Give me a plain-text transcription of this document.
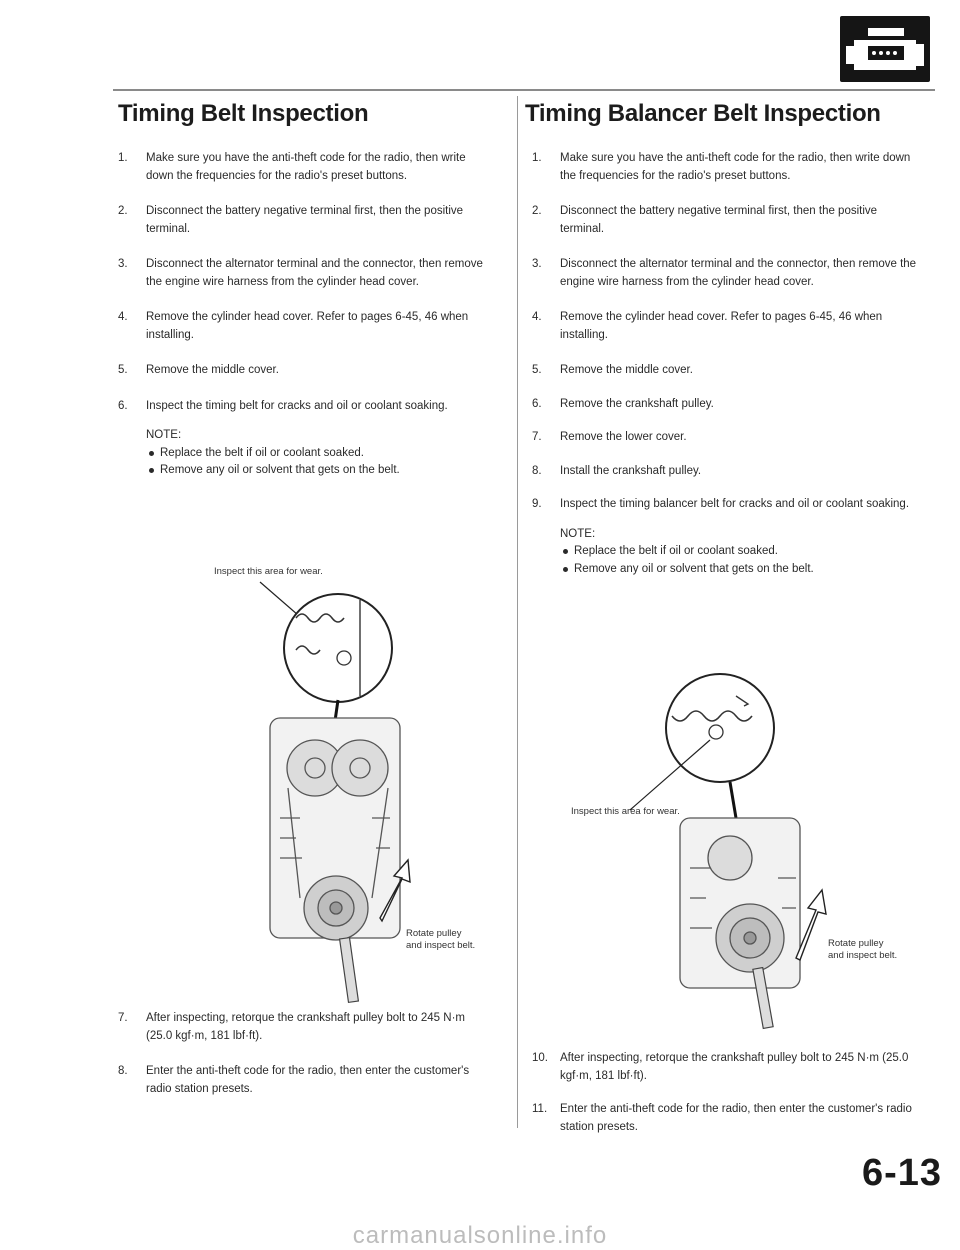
Timing Belt Inspection	Timing Balancer Belt Inspection
1.	Make sure you have the anti-theft code for the radio, then write down the frequencies for the radio's preset buttons.
2.	Disconnect the battery negative terminal first, then the positive terminal.
3.	Disconnect the alternator terminal and the connector, then remove the engine wire harness from the cylinder head cover.
4.	Remove the cylinder head cover. Refer to pages 6-45, 46 when installing.
5.	Remove the middle cover.
6.	Inspect the timing belt for cracks and oil or coolant soaking.
NOTE:
Replace the belt if oil or coolant soaked.
Remove any oil or solvent that gets on the belt.
Inspect this area for wear.
Rotate pulley
and inspect belt.
7.	After inspecting, retorque the crankshaft pulley bolt to 245 N·m (25.0 kgf·m, 181 lbf·ft).
8.	Enter the anti-theft code for the radio, then enter the customer's radio station presets.
1.	Make sure you have the anti-theft code for the radio, then write down the frequencies for the radio's preset buttons.
2.	Disconnect the battery negative terminal first, then the positive terminal.
3.	Disconnect the alternator terminal and the connector, then remove the engine wire harness from the cylinder head cover.
4.	Remove the cylinder head cover. Refer to pages 6-45, 46 when installing.
5.	Remove the middle cover.
6.	Remove the crankshaft pulley.
7.	Remove the lower cover.
8.	Install the crankshaft pulley.
9.	Inspect the timing balancer belt for cracks and oil or coolant soaking.
NOTE:
Replace the belt if oil or coolant soaked.
Remove any oil or solvent that gets on the belt.
Inspect this area for wear.
Rotate pulley
and inspect belt.
10.	After inspecting, retorque the crankshaft pulley bolt to 245 N·m (25.0 kgf·m, 181 lbf·ft).
11.	Enter the anti-theft code for the radio, then enter the customer's radio station presets.
6-13
carmanualsonline.info
